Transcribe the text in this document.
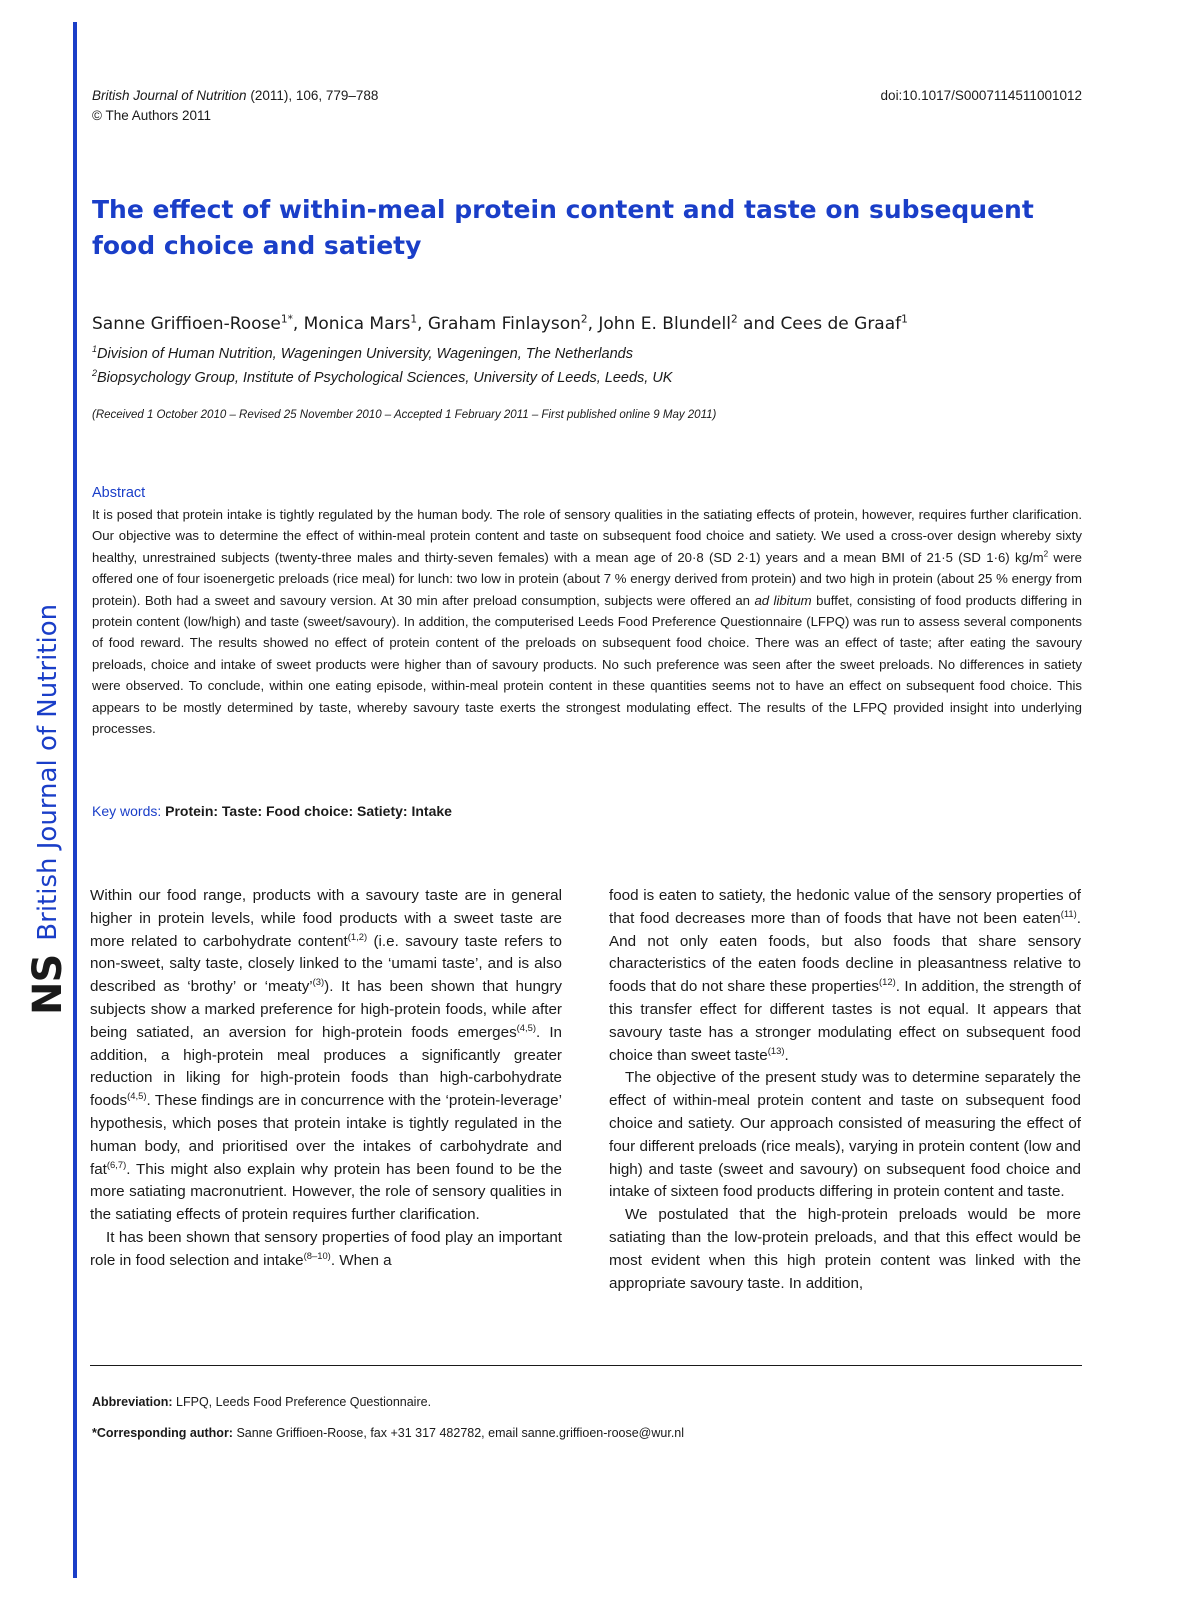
NS
British Journal of Nutrition
British Journal of Nutrition (2011), 106, 779–788
© The Authors 2011
doi:10.1017/S0007114511001012
The effect of within-meal protein content and taste on subsequent food choice and satiety
Sanne Griffioen-Roose$^{1*}$, Monica Mars$^1$, Graham Finlayson$^2$, John E. Blundell$^2$ and Cees de Graaf$^1$
$^1$Division of Human Nutrition, Wageningen University, Wageningen, The Netherlands
$^2$Biopsychology Group, Institute of Psychological Sciences, University of Leeds, Leeds, UK
(Received 1 October 2010 – Revised 25 November 2010 – Accepted 1 February 2011 – First published online 9 May 2011)
Abstract

It is posed that protein intake is tightly regulated by the human body. The role of sensory qualities in the satiating effects of protein, however, requires further clarification. Our objective was to determine the effect of within-meal protein content and taste on subsequent food choice and satiety. We used a cross-over design whereby sixty healthy, unrestrained subjects (twenty-three males and thirty-seven females) with a mean age of 20·8 (SD 2·1) years and a mean BMI of 21·5 (SD 1·6) $kg/m^2$ were offered one of four isoenergetic preloads (rice meal) for lunch: two low in protein (about 7 % energy derived from protein) and two high in protein (about 25 % energy from protein). Both had a sweet and savoury version. At 30 min after preload consumption, subjects were offered an ad libitum buffet, consisting of food products differing in protein content (low/high) and taste (sweet/savoury). In addition, the computerised Leeds Food Preference Questionnaire (LFPQ) was run to assess several components of food reward. The results showed no effect of protein content of the preloads on subsequent food choice. There was an effect of taste; after eating the savoury preloads, choice and intake of sweet products were higher than of savoury products. No such preference was seen after the sweet preloads. No differences in satiety were observed. To conclude, within one eating episode, within-meal protein content in these quantities seems not to have an effect on subsequent food choice. This appears to be mostly determined by taste, whereby savoury taste exerts the strongest modulating effect. The results of the LFPQ provided insight into underlying processes.

Key words: Protein: Taste: Food choice: Satiety: Intake

Within our food range, products with a savoury taste are in general higher in protein levels, while food products with a sweet taste are more related to carbohydrate content$^{(1,2)}$ (i.e. savoury taste refers to non-sweet, salty taste, closely linked to the ‘umami taste’, and is also described as ‘brothy’ or ‘meaty’$^{(3)}$). It has been shown that hungry subjects show a marked preference for high-protein foods, while after being satiated, an aversion for high-protein foods emerges$^{(4,5)}$. In addition, a high-protein meal produces a significantly greater reduction in liking for high-protein foods than high-carbohydrate foods$^{(4,5)}$. These findings are in concurrence with the ‘protein-leverage’ hypothesis, which poses that protein intake is tightly regulated in the human body, and prioritised over the intakes of carbohydrate and fat$^{(6,7)}$. This might also explain why protein has been found to be the more satiating macronutrient. However, the role of sensory qualities in the satiating effects of protein requires further clarification.

It has been shown that sensory properties of food play an important role in food selection and intake$^{(8-10)}$. When a

food is eaten to satiety, the hedonic value of the sensory properties of that food decreases more than of foods that have not been eaten$^{(11)}$. And not only eaten foods, but also foods that share sensory characteristics of the eaten foods decline in pleasantness relative to foods that do not share these properties$^{(12)}$. In addition, the strength of this transfer effect for different tastes is not equal. It appears that savoury taste has a stronger modulating effect on subsequent food choice than sweet taste$^{(13)}$.

The objective of the present study was to determine separately the effect of within-meal protein content and taste on subsequent food choice and satiety. Our approach consisted of measuring the effect of four different preloads (rice meals), varying in protein content (low and high) and taste (sweet and savoury) on subsequent food choice and intake of sixteen food products differing in protein content and taste.

We postulated that the high-protein preloads would be more satiating than the low-protein preloads, and that this effect would be most evident when this high protein content was linked with the appropriate savoury taste. In addition,

Abbreviation: LFPQ, Leeds Food Preference Questionnaire.
*Corresponding author: Sanne Griffioen-Roose, fax +31 317 482782, email sanne.griffioen-roose@wur.nl
